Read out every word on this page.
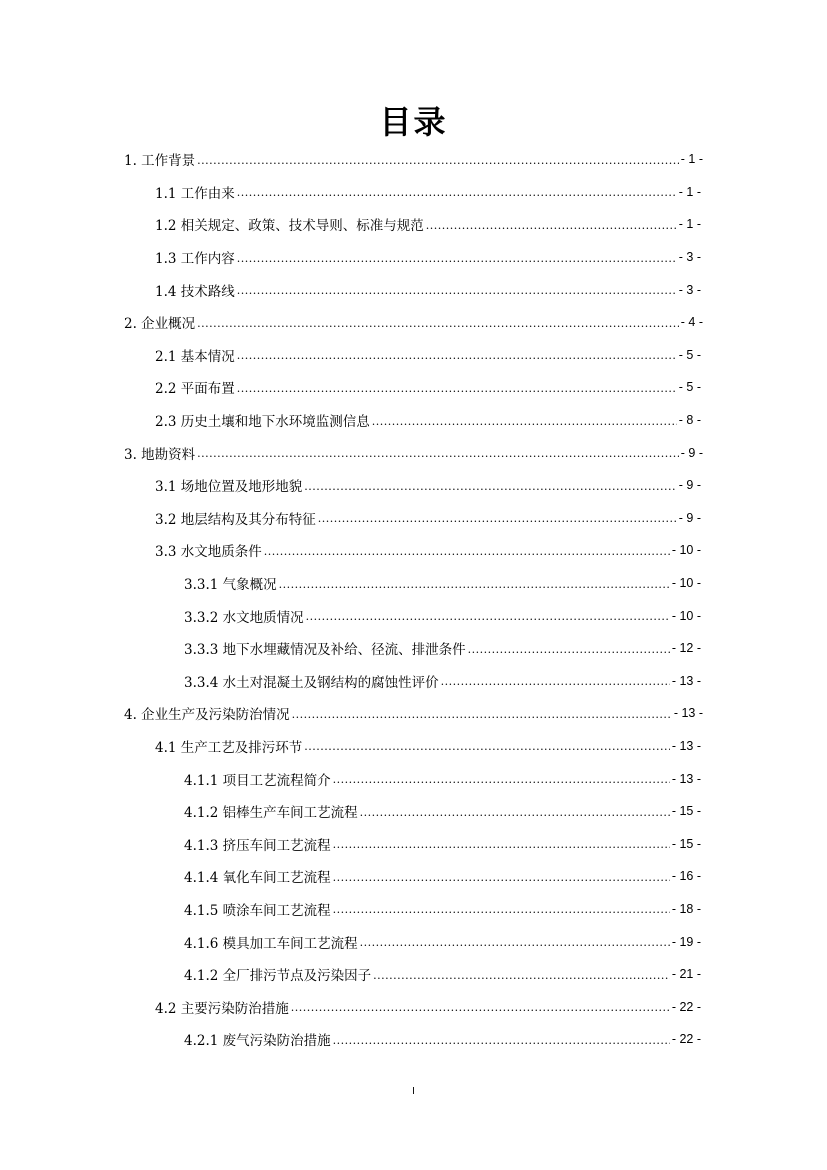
目录
1. 工作背景 .....	- 1 -
1.1 工作由来 .....	- 1 -
1.2 相关规定、政策、技术导则、标准与规范 .....	- 1 -
1.3 工作内容 .....	- 3 -
1.4 技术路线 .....	- 3 -
2. 企业概况 .....	- 4 -
2.1 基本情况 .....	- 5 -
2.2 平面布置 .....	- 5 -
2.3 历史土壤和地下水环境监测信息 .....	- 8 -
3. 地勘资料 .....	- 9 -
3.1 场地位置及地形地貌 .....	- 9 -
3.2 地层结构及其分布特征 .....	- 9 -
3.3 水文地质条件 .....	- 10 -
3.3.1 气象概况 .....	- 10 -
3.3.2 水文地质情况 .....	- 10 -
3.3.3 地下水埋藏情况及补给、径流、排泄条件 .....	- 12 -
3.3.4 水土对混凝土及钢结构的腐蚀性评价 .....	- 13 -
4. 企业生产及污染防治情况 .....	- 13 -
4.1 生产工艺及排污环节 .....	- 13 -
4.1.1 项目工艺流程简介 .....	- 13 -
4.1.2 铝棒生产车间工艺流程 .....	- 15 -
4.1.3 挤压车间工艺流程 .....	- 15 -
4.1.4 氧化车间工艺流程 .....	- 16 -
4.1.5 喷涂车间工艺流程 .....	- 18 -
4.1.6 模具加工车间工艺流程 .....	- 19 -
4.1.2 全厂排污节点及污染因子 .....	- 21 -
4.2 主要污染防治措施 .....	- 22 -
4.2.1 废气污染防治措施 .....	- 22 -
I
